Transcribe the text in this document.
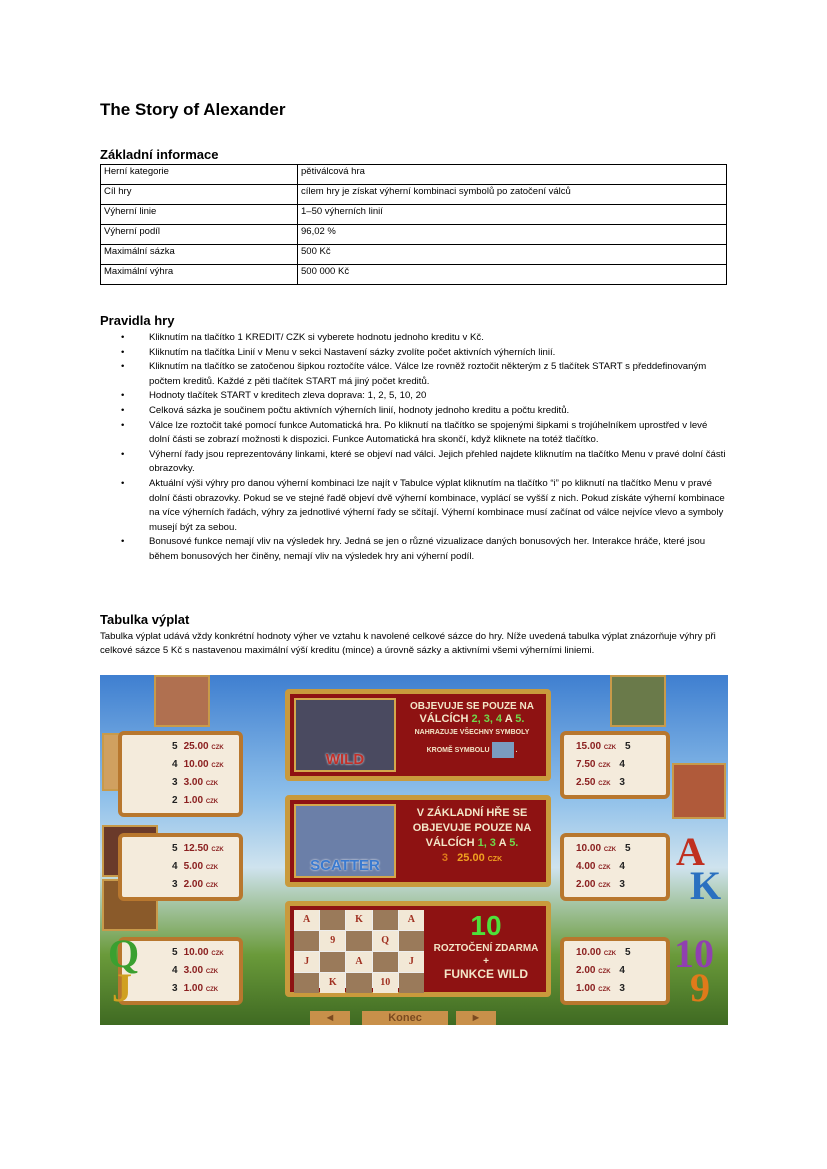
The Story of Alexander
Základní informace
Herní kategorie	pětiválcová hra
Cíl hry	cílem hry je získat výherní kombinaci symbolů po zatočení válců
Výherní linie	1–50 výherních linií
Výherní podíl	96,02 %
Maximální sázka	500 Kč
Maximální výhra	500 000 Kč
Pravidla hry
• Kliknutím na tlačítko 1 KREDIT/ CZK si vyberete hodnotu jednoho kreditu v Kč.
• Kliknutím na tlačítka Linií v Menu v sekci Nastavení sázky zvolíte počet aktivních výherních linií.
• Kliknutím na tlačítko se zatočenou šipkou roztočíte válce. Válce lze rovněž roztočit některým z 5 tlačítek START s předdefinovaným počtem kreditů. Každé z pěti tlačítek START má jiný počet kreditů.
• Hodnoty tlačítek START v kreditech zleva doprava: 1, 2, 5, 10, 20
• Celková sázka je součinem počtu aktivních výherních linií, hodnoty jednoho kreditu a počtu kreditů.
• Válce lze roztočit také pomocí funkce Automatická hra. Po kliknutí na tlačítko se spojenými šipkami s trojúhelníkem uprostřed v levé dolní části se zobrazí možnosti k dispozici. Funkce Automatická hra skončí, když kliknete na totéž tlačítko.
• Výherní řady jsou reprezentovány linkami, které se objeví nad válci. Jejich přehled najdete kliknutím na tlačítko Menu v pravé dolní části obrazovky.
• Aktuální výši výhry pro danou výherní kombinaci lze najít v Tabulce výplat kliknutím na tlačítko “i” po kliknutí na tlačítko Menu v pravé dolní části obrazovky. Pokud se ve stejné řadě objeví dvě výherní kombinace, vyplácí se vyšší z nich. Pokud získáte výherní kombinace na více výherních řadách, výhry za jednotlivé výherní řady se sčítají. Výherní kombinace musí začínat od válce nejvíce vlevo a symboly musejí být za sebou.
• Bonusové funkce nemají vliv na výsledek hry. Jedná se jen o různé vizualizace daných bonusových her. Interakce hráče, které jsou během bonusových her činěny, nemají vliv na výsledek hry ani výherní podíl.
Tabulka výplat

Tabulka výplat udává vždy konkrétní hodnoty výher ve vztahu k navolené celkové sázce do hry. Níže uvedená tabulka výplat znázorňuje výhry při celkové sázce 5 Kč s nastavenou maximální výší kreditu (mince) a úrovně sázky a aktivními všemi výherními liniemi.

WILD
OBJEVUJE SE POUZE NA
VÁLCÍCH 2, 3, 4 A 5.
NAHRAZUJE VŠECHNY SYMBOLY
KROMĚ SYMBOLU	.
SCATTER
V ZÁKLADNÍ HŘE SE
OBJEVUJE POUZE NA
VÁLCÍCH 1, 3 A 5.
3 25.00 CZK
A	K	A
9	Q
J	A	J
K	10
10
ROZTOČENÍ ZDARMA
+
FUNKCE WILD
◄	Konec	►
5 25.00 CZK
4 10.00 CZK
3 3.00 CZK
2 1.00 CZK
5 12.50 CZK
4 5.00 CZK
3 2.00 CZK
5 10.00 CZK
4 3.00 CZK
3 1.00 CZK
Q
J
15.00 CZK 5
7.50 CZK 4
2.50 CZK 3
10.00 CZK 5
4.00 CZK 4
2.00 CZK 3
A
K
10.00 CZK 5
2.00 CZK 4
1.00 CZK 3
10
9
